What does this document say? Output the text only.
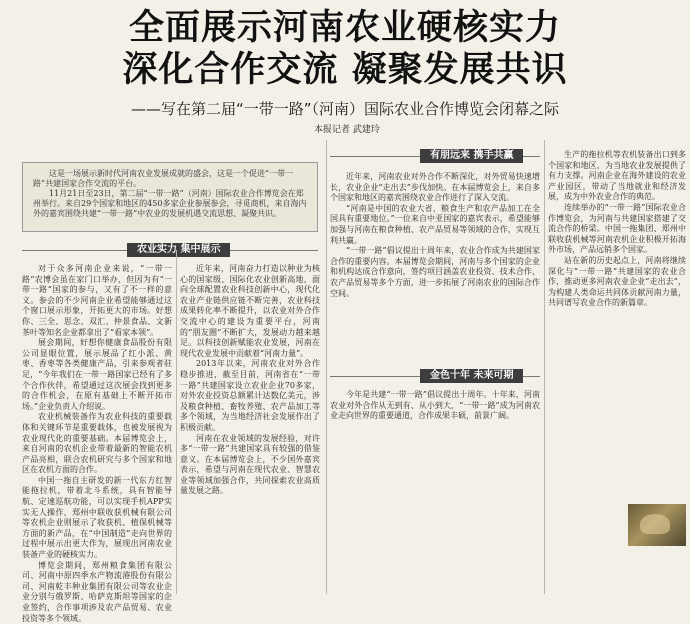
全面展示河南农业硬核实力
深化合作交流 凝聚发展共识
——写在第二届“一带一路”（河南）国际农业合作博览会闭幕之际
本报记者 武建玲

这是一场展示新时代河南农业发展成就的盛会，这是一个促进“一带一路”共建国家合作交流的平台。

11月21日至23日，第二届“一带一路”（河南）国际农业合作博览会在郑州举行。来自29个国家和地区的450多家企业参展参会，寻觅商机，来自海内外的嘉宾围绕共建“一带一路”中农业的发展机遇交流思想、凝聚共识。

农业实力 集中展示

对于众多河南企业来说，“一带一路”农博会虽在家门口举办，但因为有“一带一路”国家的参与，又有了不一样的意义。参会的不少河南企业希望能够通过这个窗口展示形象，开拓更大的市场。好想你、三全、思念、双汇、仲景食品、文新茶叶等知名企业都拿出了“看家本领”。

展会期间，好想你健康食品股份有限公司显眼位置，展示展品了红小派、黄枣、香枣等各类健康产品，引来参观者驻足，“今年我们在一带一路国家已经有了多个合作伙伴，希望通过这次展会找到更多的合作机会，在原有基础上不断开拓市场。”企业负责人介绍说。

农业机械装备作为农业科技的重要载体和关键环节是重要载体，也被发展视为农业现代化的重要基础。本届博览会上，来自河南的农机企业带着最新的智能农机产品亮相，联合农机研究与多个国家和地区在农机方面的合作。

中国一拖自主研发的新一代东方红智能拖拉机，带着北斗系统，具有智能导航、定速巡航功能，可以实现手机APP实实无人操作，郑州中联收获机械有限公司等农机企业则展示了收获机、植保机械等方面的新产品，在“中国制造”走向世界的过程中展示出更大作为，展现出河南农业装备产业的硬核实力。

博览会期间，郑州粮食集团有限公司、河南中原四季水产物流港股份有限公司、河南乾丰种业集团有限公司等农业企业分别与俄罗斯、哈萨克斯坦等国家的企业签约，合作事项涉及农产品贸易、农业投资等多个领域。

近年来，河南奋力打造以种业为核心的国家级、国际化农业创新高地，面向全球配置农业科技创新中心，现代化农业产业链供应链不断完善，农业科技成果转化率不断提升，以农业对外合作交流中心的建设为重要平台，河南的“朋友圈”不断扩大，发展动力越来越足。以科技创新赋能农业发展，河南在现代农业发展中贡献着“河南力量”。

2013年以来，河南农业对外合作稳步推进，截至目前，河南省在“一带一路”共建国家设立农业企业70多家，对外农业投资总额累计达数亿美元，涉及粮食种植、畜牧养殖、农产品加工等多个领域，为当地经济社会发展作出了积极贡献。

河南在农业领域的发展经验，对许多“一带一路”共建国家具有较强的借鉴意义。在本届博览会上，不少国外嘉宾表示，希望与河南在现代农业、智慧农业等领域加强合作，共同探索农业高质量发展之路。

有朋远来 携手共赢
金色十年 未来可期

近年来，河南农业对外合作不断深化，对外贸易快速增长，农业企业“走出去”步伐加快。在本届博览会上，来自多个国家和地区的嘉宾围绕农业合作进行了深入交流。

“河南是中国的农业大省，粮食生产和农产品加工在全国具有重要地位。”一位来自中亚国家的嘉宾表示，希望能够加强与河南在粮食种植、农产品贸易等领域的合作，实现互利共赢。

“一带一路”倡议提出十周年来，农业合作成为共建国家合作的重要内容。本届博览会期间，河南与多个国家的企业和机构达成合作意向，签约项目涵盖农业投资、技术合作、农产品贸易等多个方面，进一步拓展了河南农业的国际合作空间。

今年是共建“一带一路”倡议提出十周年。十年来，河南农业对外合作从无到有、从小到大，“一带一路”成为河南农业走向世界的重要通道，合作成果丰硕，前景广阔。

生产的拖拉机等农机装备出口到多个国家和地区，为当地农业发展提供了有力支撑。河南企业在海外建设的农业产业园区，带动了当地就业和经济发展，成为中外农业合作的典范。

连续举办的“一带一路”国际农业合作博览会，为河南与共建国家搭建了交流合作的桥梁。中国一拖集团、郑州中联收获机械等河南农机企业积极开拓海外市场，产品远销多个国家。

站在新的历史起点上，河南将继续深化与“一带一路”共建国家的农业合作，推动更多河南农业企业“走出去”，为构建人类命运共同体贡献河南力量，共同谱写农业合作的新篇章。
